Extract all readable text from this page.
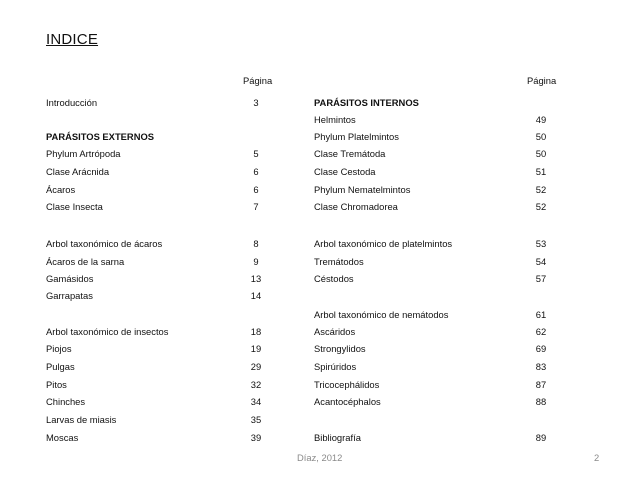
INDICE
Página	Página
Introducción	3
PARÁSITOS EXTERNOS
Phylum Artrópoda	5
Clase Arácnida	6
Ácaros	6
Clase Insecta	7
Arbol taxonómico de ácaros	8
Ácaros de la sarna	9
Gamásidos	13
Garrapatas	14
Arbol taxonómico de insectos	18
Piojos	19
Pulgas	29
Pitos	32
Chinches	34
Larvas de miasis	35
Moscas	39
PARÁSITOS INTERNOS
Helmintos	49
Phylum Platelmintos	50
Clase Tremátoda	50
Clase Cestoda	51
Phylum Nematelmintos	52
Clase Chromadorea	52
Arbol taxonómico de platelmintos	53
Tremátodos	54
Céstodos	57
Arbol taxonómico de nemátodos	61
Ascáridos	62
Strongylidos	69
Spirúridos	83
Tricocephálidos	87
Acantocéphalos	88
Bibliografía	89
Díaz, 2012	2
